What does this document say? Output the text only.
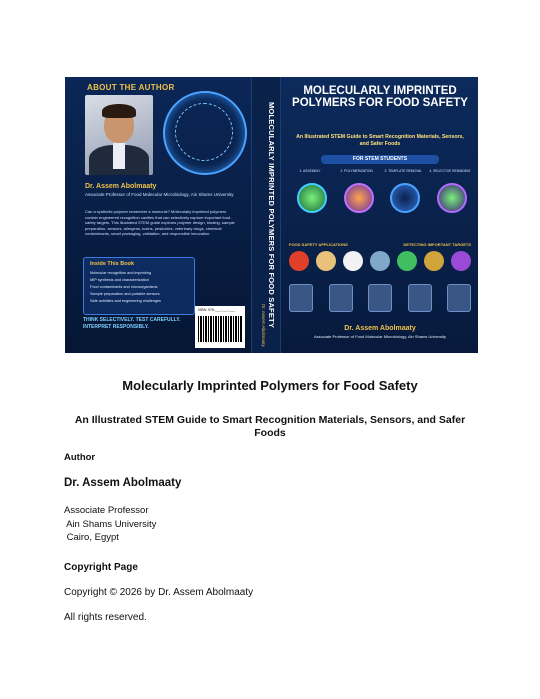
ABOUT THE AUTHOR
Dr. Assem Abolmaaty
Associate Professor of Food Molecular Microbiology, Ain Shams University
Can a synthetic polymer remember a molecule? Molecularly imprinted polymers contain engineered recognition cavities that can selectively capture important food-safety targets. This illustrated STEM guide explores polymer design, binding, sample preparation, sensors, allergens, toxins, pesticides, veterinary drugs, chemical contaminants, smart packaging, validation, and responsible innovation.
Inside This Book
Molecular recognition and imprinting
MIP synthesis and characterization
Food contaminants and microorganisms
Sample preparation and portable sensors
Safe activities and engineering challenges
THINK SELECTIVELY. TEST CAREFULLY.
INTERPRET RESPONSIBLY.
ISBN: 978-___-___-___	MOLECULARLY IMPRINTED POLYMERS FOR FOOD SAFETY
Dr. Assem Abolmaaty
MOLECULARLY IMPRINTED POLYMERS FOR FOOD SAFETY
An Illustrated STEM Guide to Smart Recognition Materials, Sensors, and Safer Foods
FOR STEM STUDENTS
1. ASSEMBLY	2. POLYMERIZATION	3. TEMPLATE REMOVAL	4. SELECTIVE REBINDING
FOOD SAFETY APPLICATIONS	DETECTING IMPORTANT TARGETS
Dr. Assem Abolmaaty
Associate Professor of Food Molecular Microbiology, Ain Shams University
Molecularly Imprinted Polymers for Food Safety
An Illustrated STEM Guide to Smart Recognition Materials, Sensors, and Safer Foods
Author
Dr. Assem Abolmaaty
Associate Professor
Ain Shams University
Cairo, Egypt
Copyright Page
Copyright © 2026 by Dr. Assem Abolmaaty
All rights reserved.
